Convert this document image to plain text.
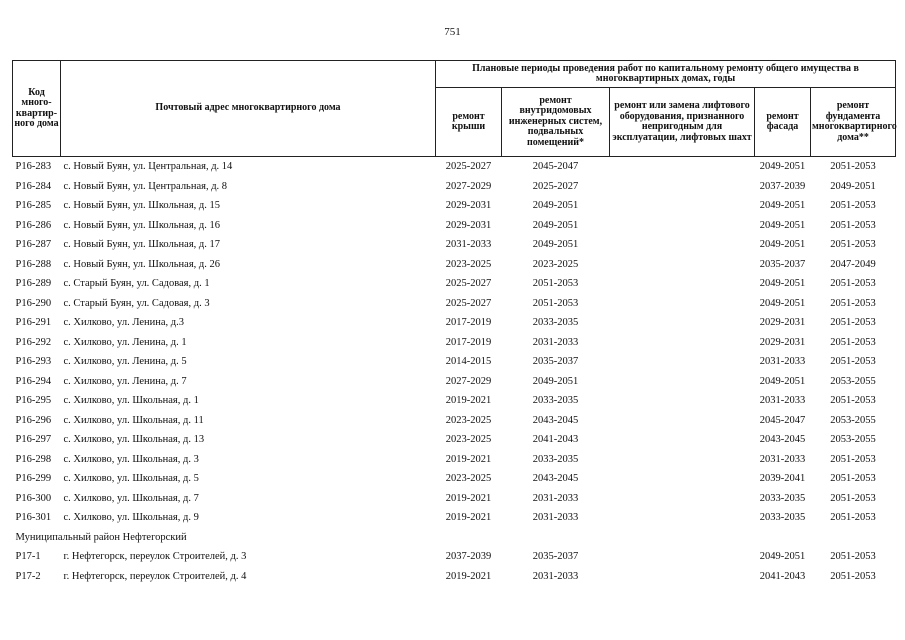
751
Код много-квартир-ного дома	Почтовый адрес многоквартирного дома	Плановые периоды проведения работ по капитальному ремонту общего имущества в многоквартирных домах, годы				
		ремонт крыши	ремонт внутридомовых инженерных систем, подвальных помещений*	ремонт или замена лифтового оборудования, признанного непригодным для эксплуатации, лифтовых шахт	ремонт фасада	ремонт фундамента многоквартирного дома**
Р16-283	с. Новый Буян, ул. Центральная, д. 14	2025-2027	2045-2047		2049-2051	2051-2053
Р16-284	с. Новый Буян, ул. Центральная, д. 8	2027-2029	2025-2027		2037-2039	2049-2051
Р16-285	с. Новый Буян, ул. Школьная, д. 15	2029-2031	2049-2051		2049-2051	2051-2053
Р16-286	с. Новый Буян, ул. Школьная, д. 16	2029-2031	2049-2051		2049-2051	2051-2053
Р16-287	с. Новый Буян, ул. Школьная, д. 17	2031-2033	2049-2051		2049-2051	2051-2053
Р16-288	с. Новый Буян, ул. Школьная, д. 26	2023-2025	2023-2025		2035-2037	2047-2049
Р16-289	с. Старый Буян, ул. Садовая, д. 1	2025-2027	2051-2053		2049-2051	2051-2053
Р16-290	с. Старый Буян, ул. Садовая, д. 3	2025-2027	2051-2053		2049-2051	2051-2053
Р16-291	с. Хилково, ул. Ленина, д.3	2017-2019	2033-2035		2029-2031	2051-2053
Р16-292	с. Хилково, ул. Ленина, д. 1	2017-2019	2031-2033		2029-2031	2051-2053
Р16-293	с. Хилково, ул. Ленина, д. 5	2014-2015	2035-2037		2031-2033	2051-2053
Р16-294	с. Хилково, ул. Ленина, д. 7	2027-2029	2049-2051		2049-2051	2053-2055
Р16-295	с. Хилково, ул. Школьная, д. 1	2019-2021	2033-2035		2031-2033	2051-2053
Р16-296	с. Хилково, ул. Школьная, д. 11	2023-2025	2043-2045		2045-2047	2053-2055
Р16-297	с. Хилково, ул. Школьная, д. 13	2023-2025	2041-2043		2043-2045	2053-2055
Р16-298	с. Хилково, ул. Школьная, д. 3	2019-2021	2033-2035		2031-2033	2051-2053
Р16-299	с. Хилково, ул. Школьная, д. 5	2023-2025	2043-2045		2039-2041	2051-2053
Р16-300	с. Хилково, ул. Школьная, д. 7	2019-2021	2031-2033		2033-2035	2051-2053
Р16-301	с. Хилково, ул. Школьная, д. 9	2019-2021	2031-2033		2033-2035	2051-2053
Муниципальный район Нефтегорский						
Р17-1	г. Нефтегорск, переулок Строителей, д. 3	2037-2039	2035-2037		2049-2051	2051-2053
Р17-2	г. Нефтегорск, переулок Строителей, д. 4	2019-2021	2031-2033		2041-2043	2051-2053
